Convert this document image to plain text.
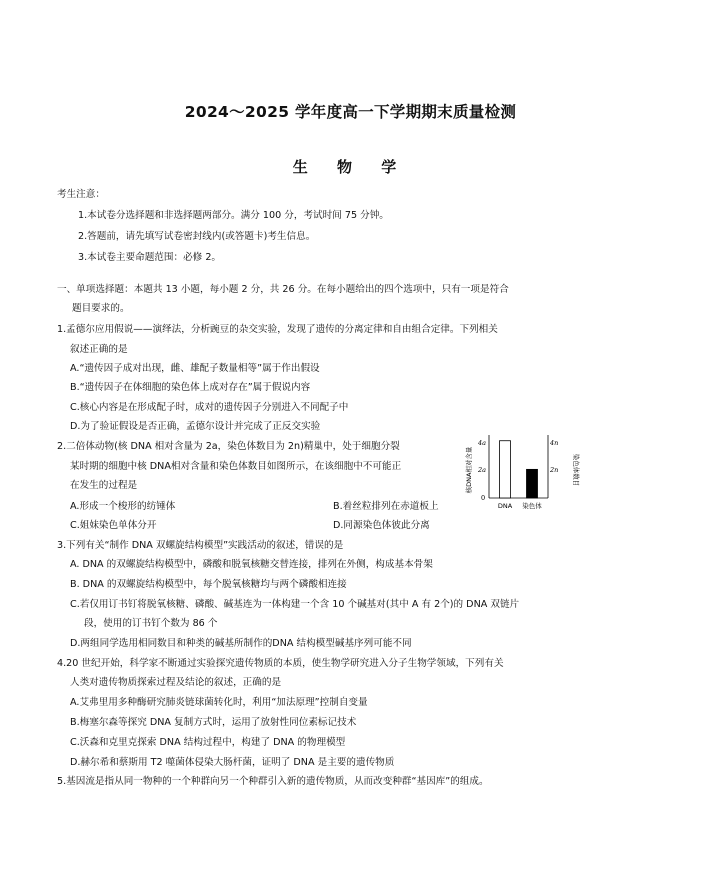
2024～2025 学年度高一下学期期末质量检测
生 物 学
考生注意：
1.本试卷分选择题和非选择题两部分。满分 100 分，考试时间 75 分钟。
2.答题前，请先填写试卷密封线内(或答题卡)考生信息。
3.本试卷主要命题范围：必修 2。
一、单项选择题：本题共 13 小题，每小题 2 分，共 26 分。在每小题给出的四个选项中，只有一项是符合
题目要求的。
1.孟德尔应用假说——演绎法，分析豌豆的杂交实验，发现了遗传的分离定律和自由组合定律。下列相关
叙述正确的是
A.“遗传因子成对出现，雌、雄配子数量相等”属于作出假设
B.“遗传因子在体细胞的染色体上成对存在”属于假说内容
C.核心内容是在形成配子时，成对的遗传因子分别进入不同配子中
D.为了验证假设是否正确，孟德尔设计并完成了正反交实验
2.二倍体动物(核 DNA 相对含量为 2a，染色体数目为 2n)精巢中，处于细胞分裂
某时期的细胞中核 DNA相对含量和染色体数目如图所示，在该细胞中不可能正
在发生的过程是
A.形成一个梭形的纺锤体	B.着丝粒排列在赤道板上
C.姐妹染色单体分开	D.同源染色体彼此分离
核DNA相对含量	染色体数目
4a
2a
0
4n
2n
DNA 染色体
3.下列有关“制作 DNA 双螺旋结构模型”实践活动的叙述，错误的是
A. DNA 的双螺旋结构模型中，磷酸和脱氧核糖交替连接，排列在外侧，构成基本骨架
B. DNA 的双螺旋结构模型中，每个脱氧核糖均与两个磷酸相连接
C.若仅用订书钉将脱氧核糖、磷酸、碱基连为一体构建一个含 10 个碱基对(其中 A 有 2个)的 DNA 双链片
段，使用的订书钉个数为 86 个
D.两组同学选用相同数目和种类的碱基所制作的DNA 结构模型碱基序列可能不同
4.20 世纪开始，科学家不断通过实验探究遗传物质的本质，使生物学研究进入分子生物学领域，下列有关
人类对遗传物质探索过程及结论的叙述，正确的是
A.艾弗里用多种酶研究肺炎链球菌转化时，利用“加法原理”控制自变量
B.梅塞尔森等探究 DNA 复制方式时，运用了放射性同位素标记技术
C.沃森和克里克探索 DNA 结构过程中，构建了 DNA 的物理模型
D.赫尔希和蔡斯用 T2 噬菌体侵染大肠杆菌，证明了 DNA 是主要的遗传物质
5.基因流是指从同一物种的一个种群向另一个种群引入新的遗传物质，从而改变种群“基因库”的组成。
